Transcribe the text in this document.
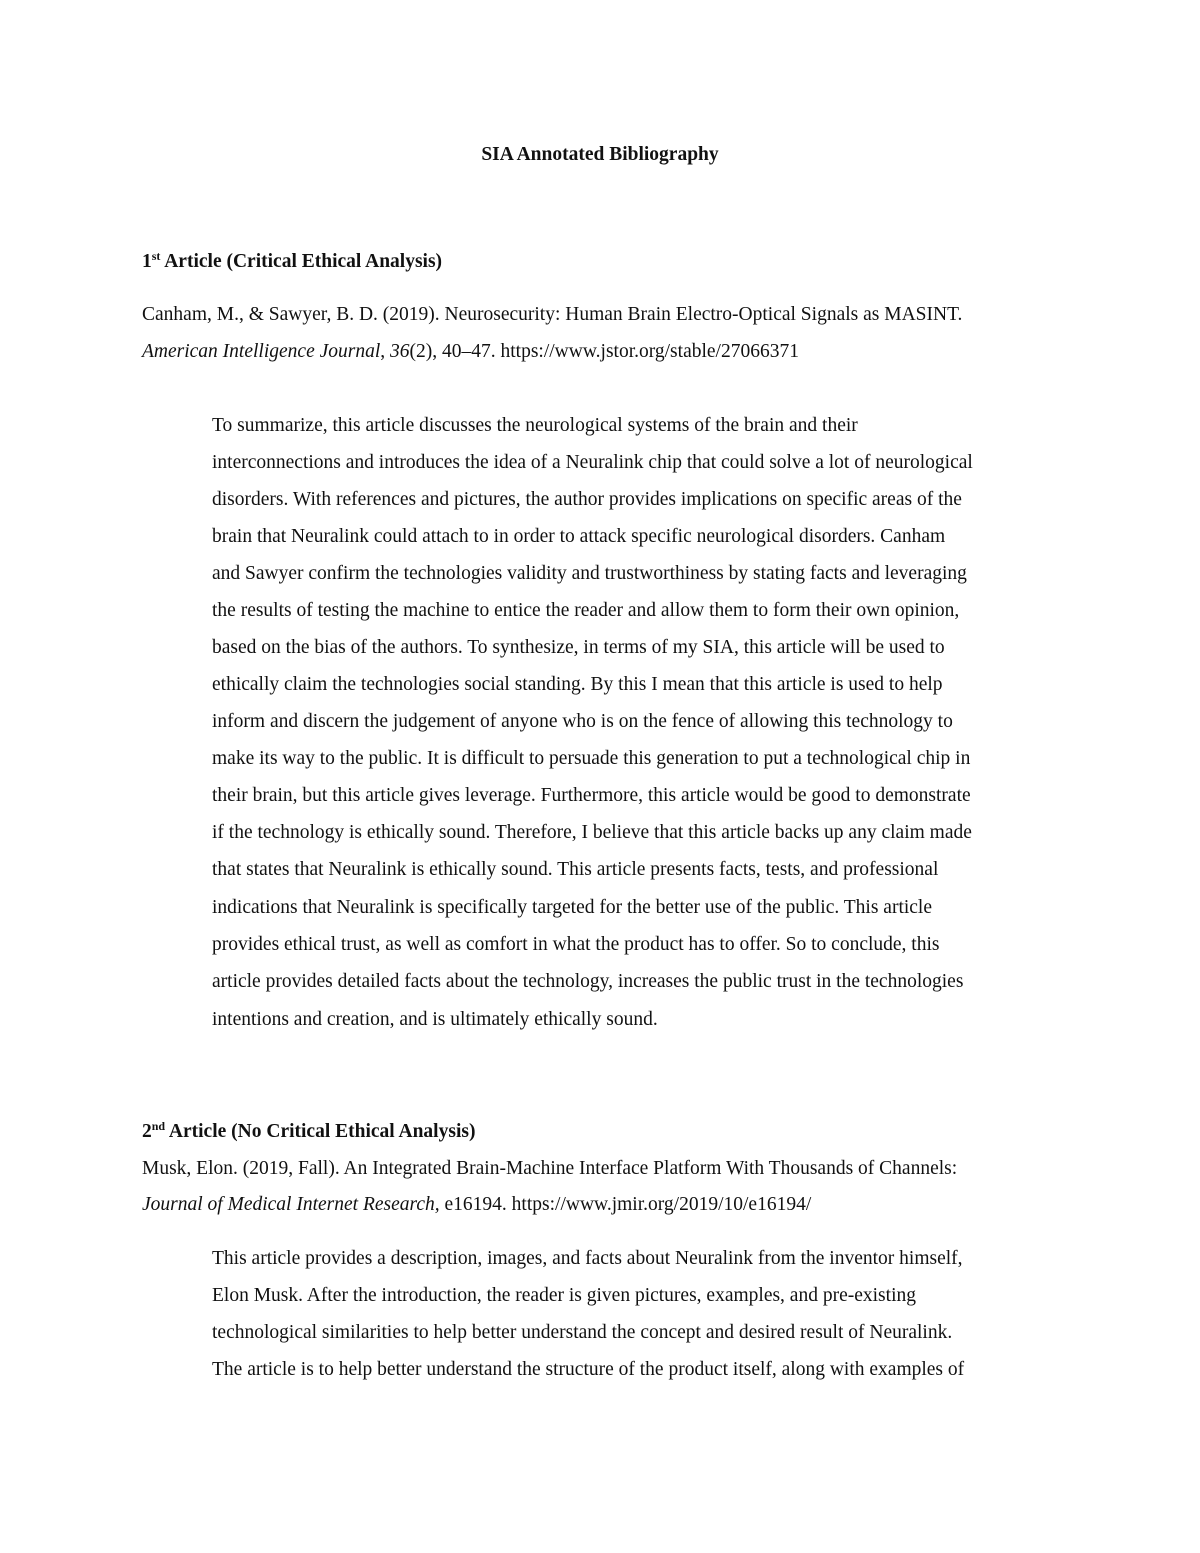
SIA Annotated Bibliography
1st Article (Critical Ethical Analysis)
Canham, M., & Sawyer, B. D. (2019). Neurosecurity: Human Brain Electro-Optical Signals as MASINT.
American Intelligence Journal, 36(2), 40–47. https://www.jstor.org/stable/27066371
To summarize, this article discusses the neurological systems of the brain and their
interconnections and introduces the idea of a Neuralink chip that could solve a lot of neurological
disorders. With references and pictures, the author provides implications on specific areas of the
brain that Neuralink could attach to in order to attack specific neurological disorders. Canham
and Sawyer confirm the technologies validity and trustworthiness by stating facts and leveraging
the results of testing the machine to entice the reader and allow them to form their own opinion,
based on the bias of the authors. To synthesize, in terms of my SIA, this article will be used to
ethically claim the technologies social standing. By this I mean that this article is used to help
inform and discern the judgement of anyone who is on the fence of allowing this technology to
make its way to the public. It is difficult to persuade this generation to put a technological chip in
their brain, but this article gives leverage. Furthermore, this article would be good to demonstrate
if the technology is ethically sound. Therefore, I believe that this article backs up any claim made
that states that Neuralink is ethically sound. This article presents facts, tests, and professional
indications that Neuralink is specifically targeted for the better use of the public. This article
provides ethical trust, as well as comfort in what the product has to offer. So to conclude, this
article provides detailed facts about the technology, increases the public trust in the technologies
intentions and creation, and is ultimately ethically sound.
2nd Article (No Critical Ethical Analysis)
Musk, Elon. (2019, Fall). An Integrated Brain-Machine Interface Platform With Thousands of Channels:
Journal of Medical Internet Research, e16194. https://www.jmir.org/2019/10/e16194/
This article provides a description, images, and facts about Neuralink from the inventor himself,
Elon Musk. After the introduction, the reader is given pictures, examples, and pre-existing
technological similarities to help better understand the concept and desired result of Neuralink.
The article is to help better understand the structure of the product itself, along with examples of
